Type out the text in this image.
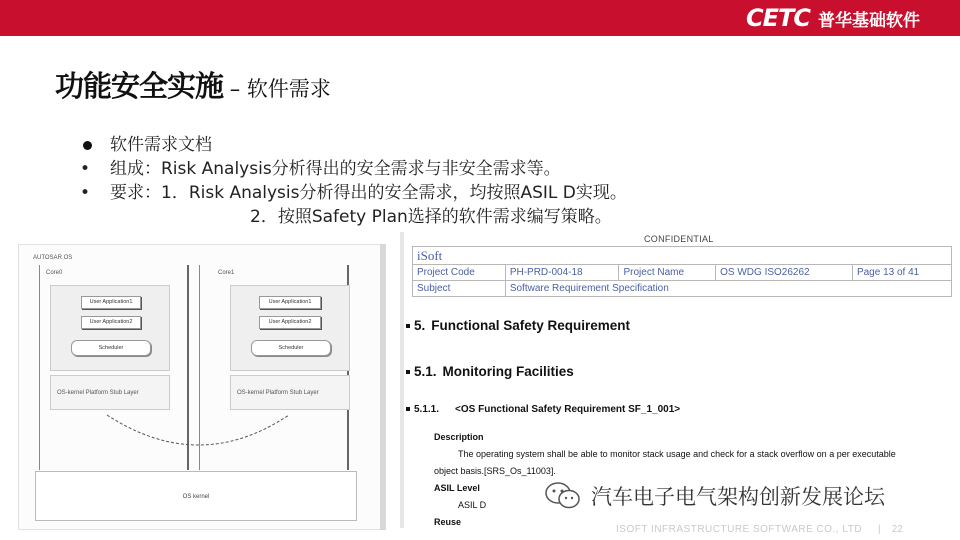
CETC 普华基础软件
功能安全实施 – 软件需求
软件需求文档
• 组成：Risk Analysis分析得出的安全需求与非安全需求等。
• 要求：1．Risk Analysis分析得出的安全需求，均按照ASIL D实现。
2．按照Safety Plan选择的软件需求编写策略。
AUTOSAR OS
Core0
User Application1
User Application2
Scheduler
OS-kernel Platform Stub Layer
Core1
User Application1
User Application2
Scheduler
OS-kernel Platform Stub Layer
OS kernel
CONFIDENTIAL
iSoft				
Project Code	PH-PRD-004-18	Project Name	OS WDG ISO26262	Page 13 of 41
Subject	Software Requirement Specification			
5. Functional Safety Requirement
5.1. Monitoring Facilities
5.1.1. <OS Functional Safety Requirement SF_1_001>
Description
The operating system shall be able to monitor stack usage and check for a stack overflow on a per executable
object basis.[SRS_Os_11003].
ASIL Level
ASIL D
Reuse
ISOFT INFRASTRUCTURE SOFTWARE CO., LTD | 22
汽车电子电气架构创新发展论坛
